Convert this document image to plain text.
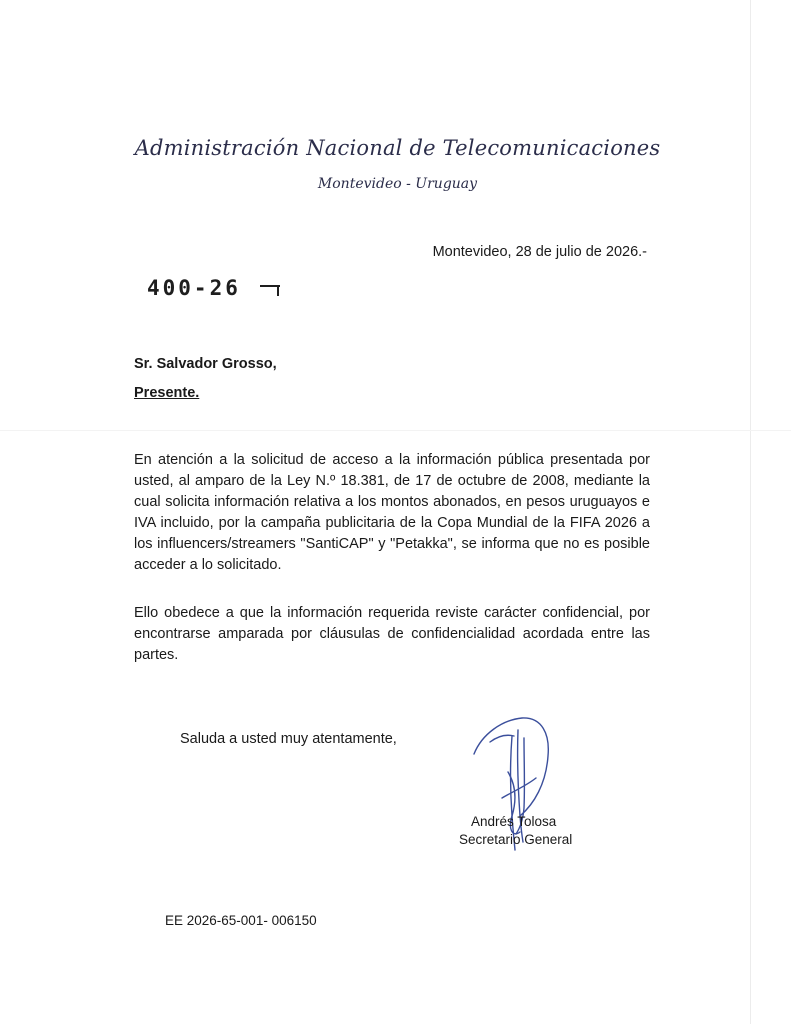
Administración Nacional de Telecomunicaciones
Montevideo - Uruguay
Montevideo, 28 de julio de 2026.-
400-26
Sr. Salvador Grosso,
Presente.
En atención a la solicitud de acceso a la información pública presentada por usted, al amparo de la Ley N.º 18.381, de 17 de octubre de 2008, mediante la cual solicita información relativa a los montos abonados, en pesos uruguayos e IVA incluido, por la campaña publicitaria de la Copa Mundial de la FIFA 2026 a los influencers/streamers "SantiCAP" y "Petakka", se informa que no es posible acceder a lo solicitado.
Ello obedece a que la información requerida reviste carácter confidencial, por encontrarse amparada por cláusulas de confidencialidad acordada entre las partes.
Saluda a usted muy atentamente,
Andrés Tolosa
Secretario General
EE 2026-65-001- 006150
